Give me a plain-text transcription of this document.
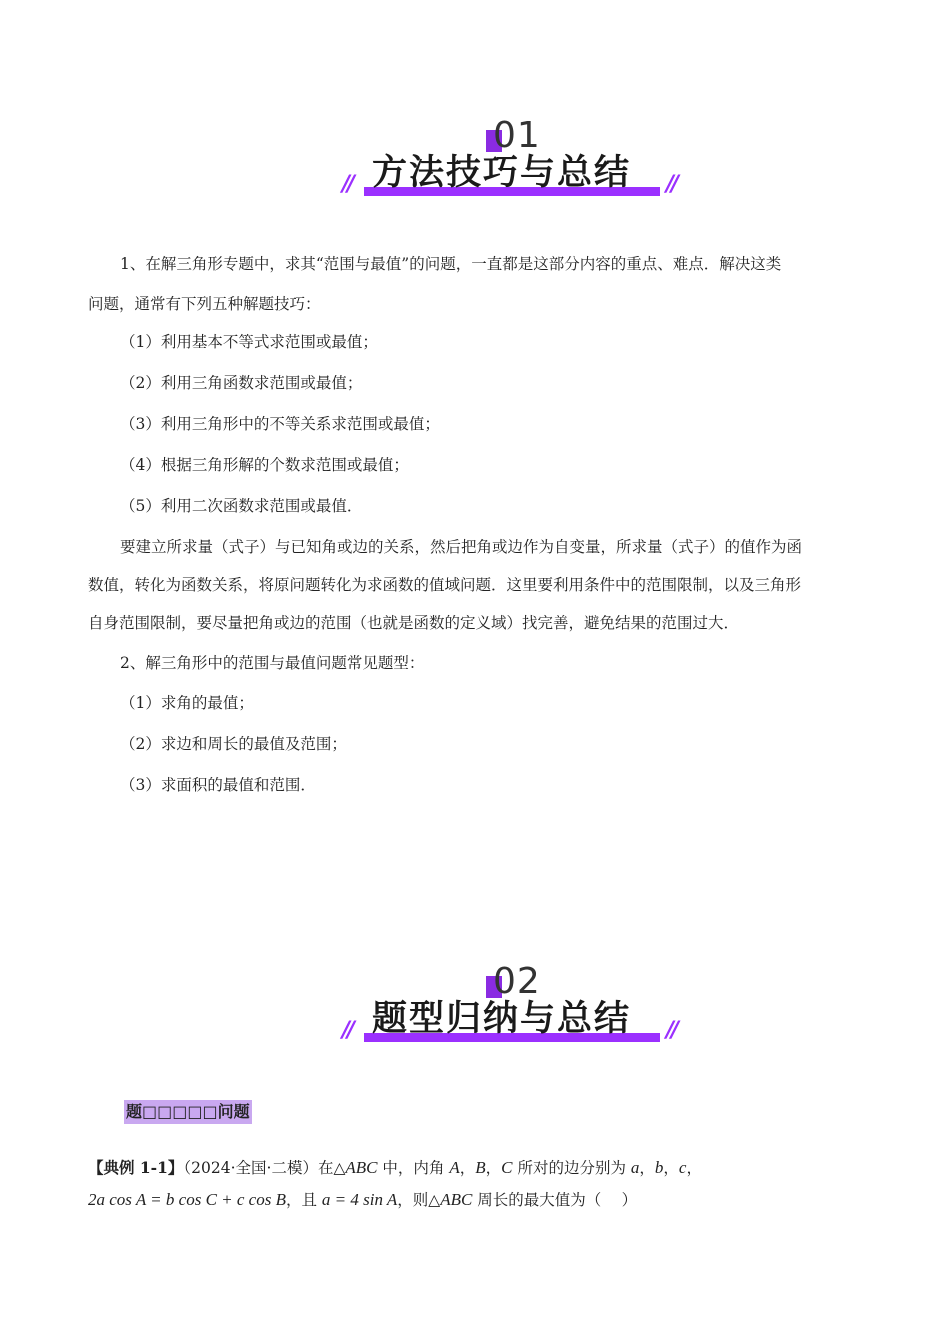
01
方法技巧与总结
//	//
1、在解三角形专题中，求其“范围与最值”的问题，一直都是这部分内容的重点、难点．解决这类
问题，通常有下列五种解题技巧：
（1）利用基本不等式求范围或最值；
（2）利用三角函数求范围或最值；
（3）利用三角形中的不等关系求范围或最值；
（4）根据三角形解的个数求范围或最值；
（5）利用二次函数求范围或最值．
要建立所求量（式子）与已知角或边的关系，然后把角或边作为自变量，所求量（式子）的值作为函
数值，转化为函数关系，将原问题转化为求函数的值域问题．这里要利用条件中的范围限制，以及三角形
自身范围限制，要尽量把角或边的范围（也就是函数的定义域）找完善，避免结果的范围过大．
2、解三角形中的范围与最值问题常见题型：
（1）求角的最值；
（2）求边和周长的最值及范围；
（3）求面积的最值和范围．
02
题型归纳与总结
//	//
题□□□□□问题
【典例 1-1】（2024·全国·二模）在△ABC 中，内角 A，B，C 所对的边分别为 a，b，c，
2a cos A = b cos C + c cos B，且 a = 4 sin A，则△ABC 周长的最大值为（　 ）
